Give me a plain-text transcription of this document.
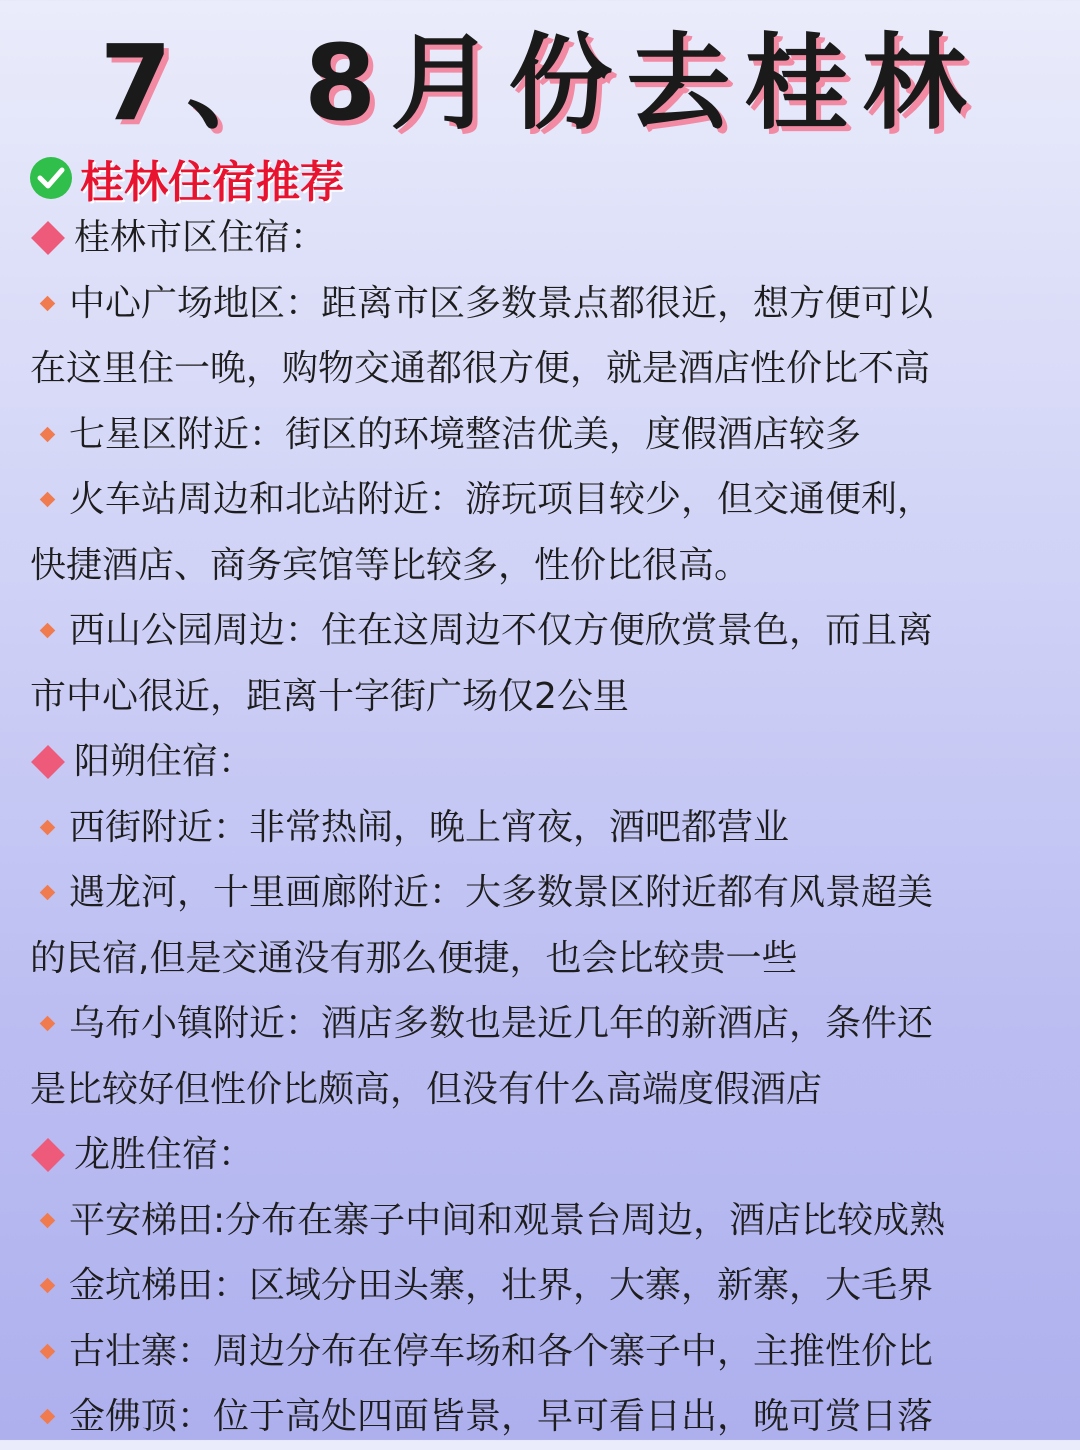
7、8月份去桂林
桂林住宿推荐
桂林市区住宿：
中心广场地区：距离市区多数景点都很近，想方便可以
在这里住一晚，购物交通都很方便，就是酒店性价比不高
七星区附近：街区的环境整洁优美，度假酒店较多
火车站周边和北站附近：游玩项目较少，但交通便利，
快捷酒店、商务宾馆等比较多，性价比很高。
西山公园周边：住在这周边不仅方便欣赏景色，而且离
市中心很近，距离十字街广场仅2公里
阳朔住宿：
西街附近：非常热闹，晚上宵夜，酒吧都营业
遇龙河，十里画廊附近：大多数景区附近都有风景超美
的民宿,但是交通没有那么便捷，也会比较贵一些
乌布小镇附近：酒店多数也是近几年的新酒店，条件还
是比较好但性价比颇高，但没有什么高端度假酒店
龙胜住宿：
平安梯田:分布在寨子中间和观景台周边，酒店比较成熟
金坑梯田：区域分田头寨，壮界，大寨，新寨，大毛界
古壮寨：周边分布在停车场和各个寨子中，主推性价比
金佛顶：位于高处四面皆景，早可看日出，晚可赏日落
